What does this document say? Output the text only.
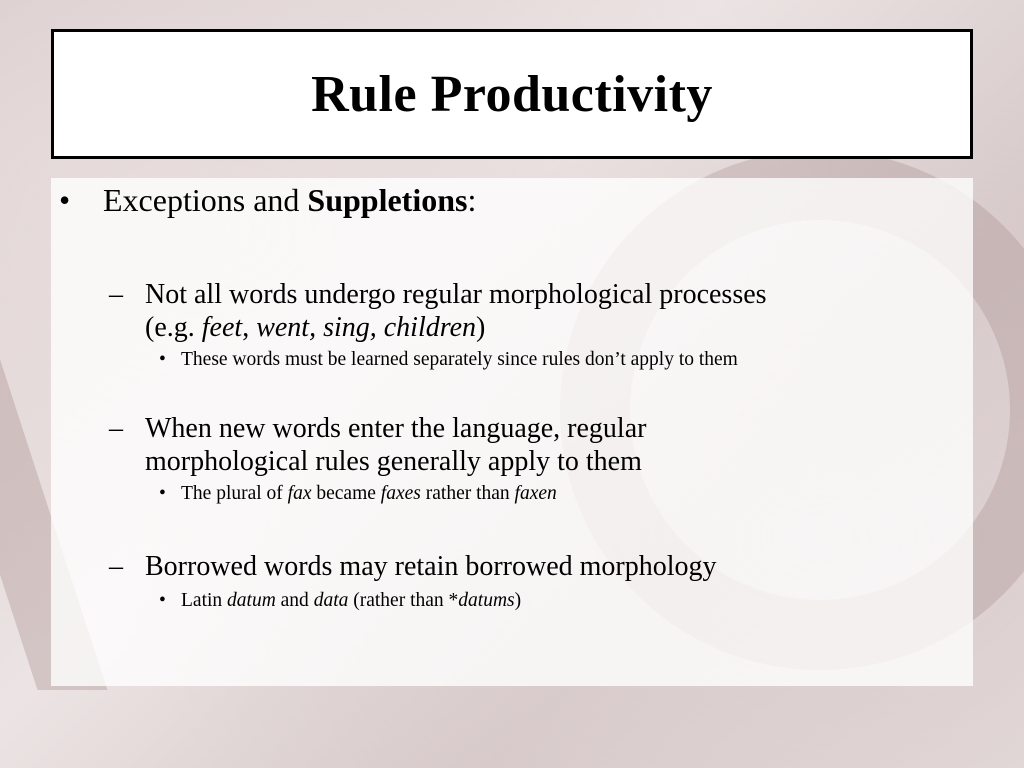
Rule Productivity
• Exceptions and Suppletions:
– Not all words undergo regular morphological processes
(e.g. feet, went, sing, children)
• These words must be learned separately since rules don’t apply to them
– When new words enter the language, regular
morphological rules generally apply to them
• The plural of fax became faxes rather than faxen
– Borrowed words may retain borrowed morphology
• Latin datum and data (rather than *datums)
